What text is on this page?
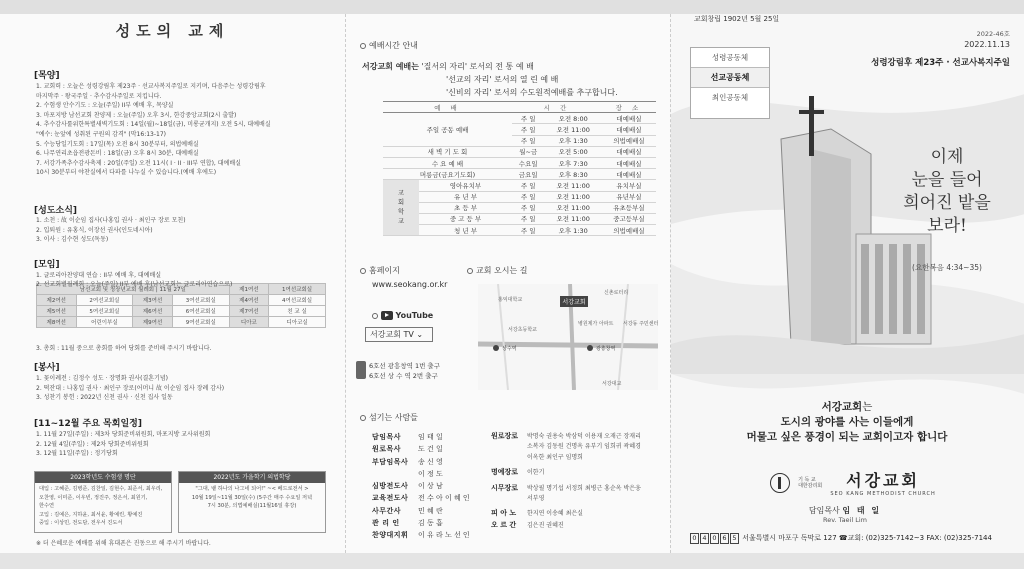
성도의 교제
[목양]
1. 교회력 : 오늘은 성령강림후 제23주 · 선교사복지주일로 지키며, 다음주는 성령강림후
마지막주 · 왕국주일 · 추수감사주일로 지킵니다.
2. 수험생 안수기도 : 오늘(주일) II부 예배 후, 목양실
3. 마포지방 남선교회 찬양제 : 오늘(주일) 오후 3시, 한강중앙교회(2시 출발)
4. 추수감사룰위한특별새벽기도회 : 14일(월)~18일(금), 미롱균개지) 오전 5시, 대예배실
"예수: 눈앞에 성취된 구원의 감격" (막16:13-17)
5. 수능당일기도회 : 17일(목) 오전 8시 30분부터, 의법예배실
6. 나무연리초읍전광돈비 : 18일(금) 오후 8시 30분, 대예배실
7. 서강가족추수감사축제 : 20일(주일) 오전 11시( I · II · III부 연합), 대예배실
10시 30분부터 야찬실에서 다파를 나누실 수 있습니다.(예배 후에도)
[성도소식]
1. 소천 : 故 이순임 집사(나홍입 권사 · 최인구 장로 모친)
2. 입퇴원 : 유홍식, 이장선 권사(인도네시아)
3. 이사 : 김수현 성도(독동)
[모임]
1. 글로리아찬양대 연습 : II부 예배 후, 대예배실
남선교회 및 청장년교회 월례회 | 11월 27일				제1여선	1여선교회실
제2여선	2여선교회실	제3여선	3여선교회실	제4여선	4여선교회실
제5여선	5여선교회실	제6여선	6여선교회실	제7여선	친 교 실
제8여선	어린이부실	제9여선	9여선교회실	디아코	디아코실
2. 선교회별월례회 : 오늘(주일) II부 예배 후(남선교회는 글로리아연습으로)
3. 총회 : 11월 중으로 총회를 하여 당회를 준비해 주시기 바랍니다.
[봉사]
1. 꽃이례전 : 김정수 성도 · 장명화 권사(결혼기념)
2. 떡잔대 : 나홍입 권사 · 최인구 장로(어머니 故 이순임 집사 장례 감사)
3. 성찬기 봉헌 : 2022년 신천 권사 · 신천 집사 일동
[11~12월 주요 목회일정]
1. 11월 27일(주일) : 제3차 당회준비위원회, 마포지방 교사위원회
2. 12월 4일(주일) : 제2차 당회준비위원회
3. 12월 11일(주일) : 정기당회
2023학년도 수험생 명단
대입 : 고혜준, 김병준, 김찬일, 김현수, 최준서, 최우리,
오찬영, 이미준, 이우빈, 정진주, 정은서, 최원기,
한수연
고입 : 김예은, 지하윤, 최서윤, 황예린, 황예진
중입 : 이상민, 전도담, 전우서 진도서
2022년도 가을학기 의법학당
"그대, 뱉 하나의 나그네 되어!" ~< 베드로전서 >
10월 19일~11월 30일(수) (5주간 매주 수요일 저녁
7시 30분, 의법예배실(11월16일 휴강)
※ 더 은혜로운 예배를 위해 휴대폰은 진동으로 해 주시기 바랍니다.
예배시간 안내
서강교회 예배는 '질서의 자리' 로서의 전 통 예 배
'선교의 자리' 로서의 열 린 예 배
'신비의 자리' 로서의 수도원적예배를 추구합니다.
예 배		시 간		장 소
주일 공동 예배		주 일	오전 8:00	대예배실
		주 일	오전 11:00	대예배실
		주 일	오후 1:30	의법예배실
새 벽 기 도 회		월~금	오전 5:00	대예배실
수 요 예 배		수요일	오후 7:30	대예배실
머릉금(금요기도회)		금요일	오후 8:30	대예배실
교회학교	영아유치부	주 일	오전 11:00	유치부실
	유 년 부	주 일	오전 11:00	유년부실
	초 등 부	주 일	오전 11:00	유초등부실
	중 고 등 부	주 일	오전 11:00	중고등부실
	청 년 부	주 일	오후 1:30	의법예배실
홈페이지
www.seokang.or.kr
교회 오시는 길
YouTube
서강교회 TV ⌄
6호선 광흥창역 1번 출구
6호선 상 수 역 2번 출구
서강교회
홍익대학교
신촌로터리
서강초등학교
병원제가 아파트 서강동 주민센터
상수역	광흥창역
서강대교
섬기는 사람들
담임목사 임 태 일
원로목사 도 건 일
부담임목사 송 신 영
이 정 도
심방전도사 이 상 남
교육전도사 전 수 아 이 혜 인
사무간사 민 혜 란
관 리 인	김 동 흡
찬양대지휘 이 유 라 노 선 인
원로장로 박명숙 권용숙 박삼덕 이용재 오재근 장재리
소복자 김동원 건명옥 유부기 임희귀 곽혜경
이옥한 최인구 임명희
명예장로 이한기
시무장로 박상필 명기섭 서정희 최병근 홍순옥 박은웅
서부영
피 아 노 한지연 이송혜 최은실
오 르 간 김은진 권혜진
교회창립 1902년 5월 25일
2022-46호
2022.11.13
성령강림후 제23주 · 선교사복지주일
성령공동체
선교공동체
최인공동체
이제
눈을 들어
희어진 밭을
보라!
(요한복음 4:34~35)
서강교회는
도시의 광야를 사는 이들에게
머물고 싶은 풍경이 되는 교회이고자 합니다

기 독 교
대한감리회
	서강교회
SEO KANG METHODIST CHURCH
담임목사 임 태 일
Rev. Taeil Lim
0 4 0 6 5 서울특별시 마포구 독막로 127 ☎교회: (02)325-7142~3 FAX: (02)325-7144
